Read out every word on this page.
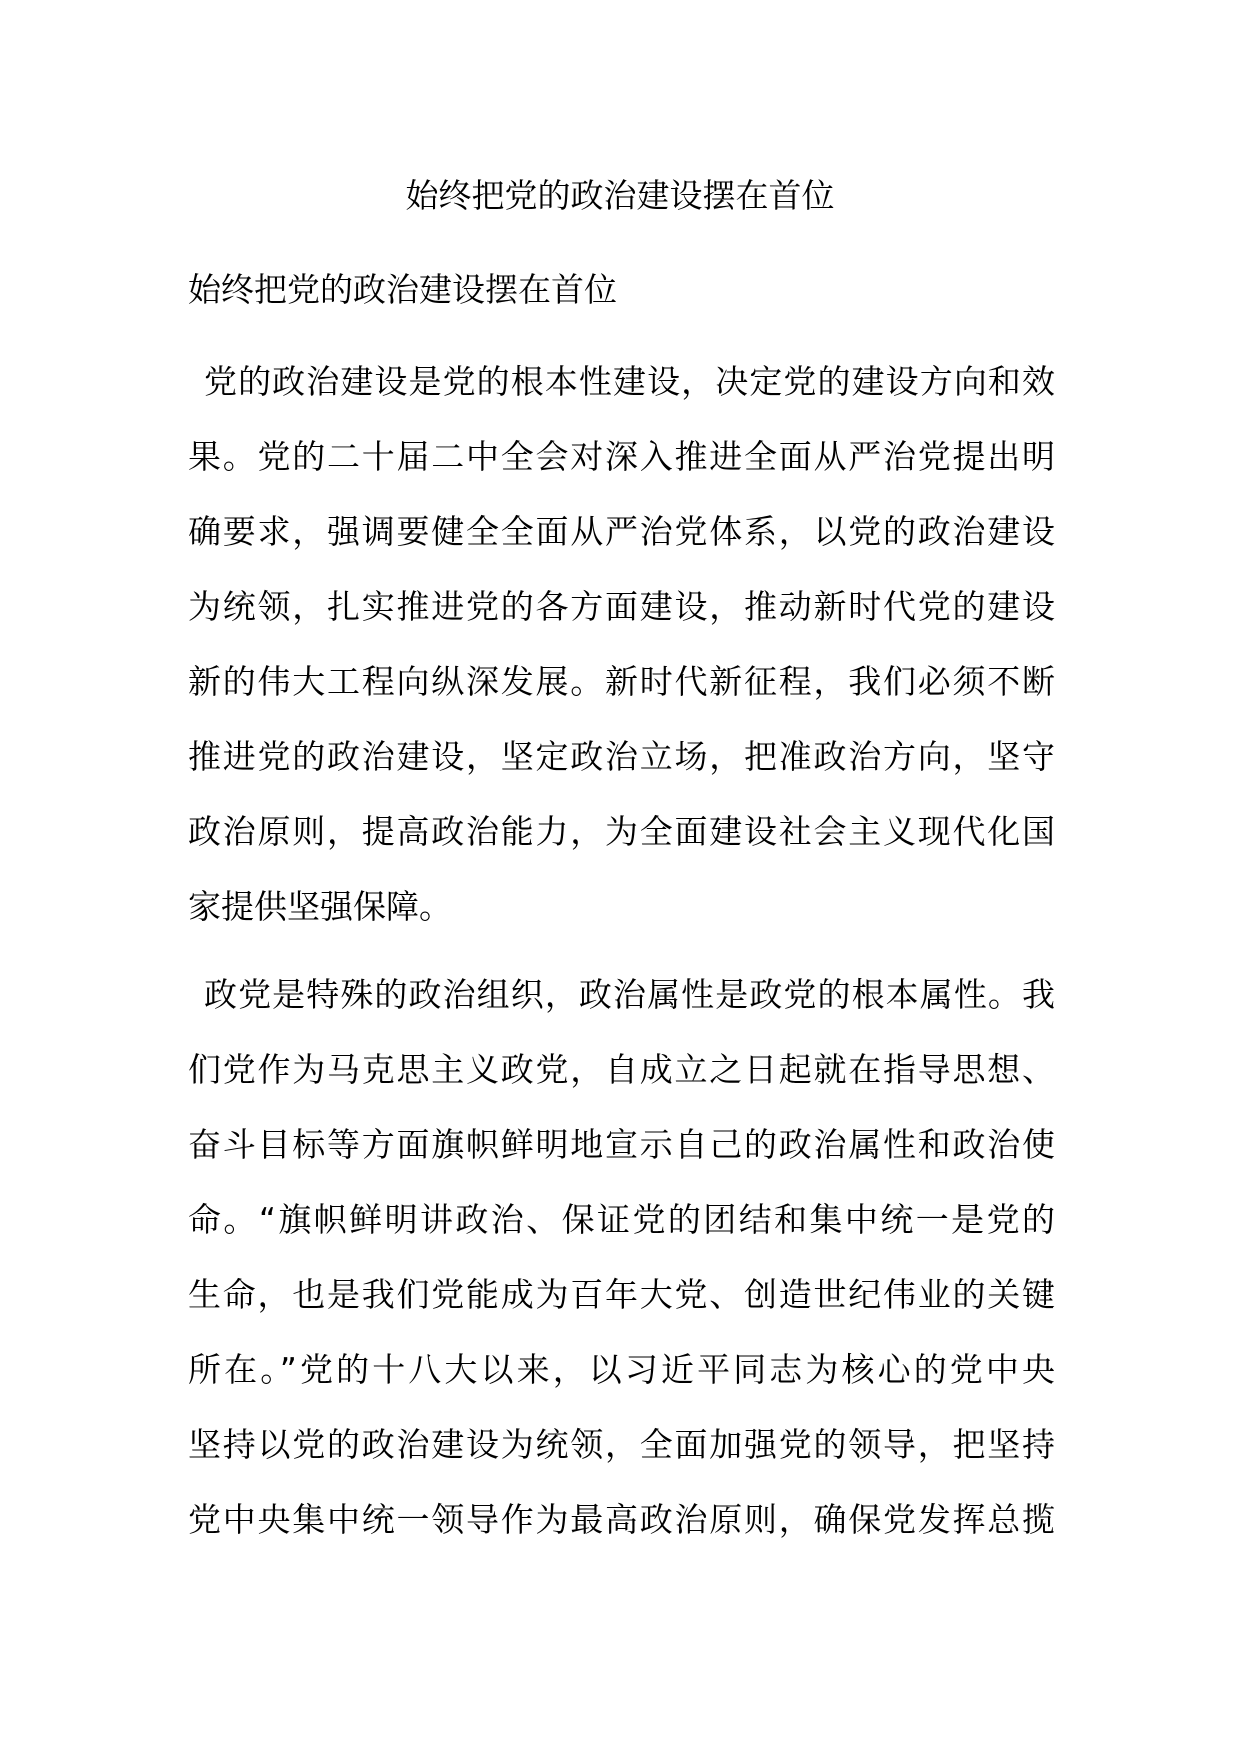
始终把党的政治建设摆在首位
始终把党的政治建设摆在首位

党的政治建设是党的根本性建设，决定党的建设方向和效
果。党的二十届二中全会对深入推进全面从严治党提出明
确要求，强调要健全全面从严治党体系，以党的政治建设
为统领，扎实推进党的各方面建设，推动新时代党的建设
新的伟大工程向纵深发展。新时代新征程，我们必须不断
推进党的政治建设，坚定政治立场，把准政治方向，坚守
政治原则，提高政治能力，为全面建设社会主义现代化国
家提供坚强保障。

政党是特殊的政治组织，政治属性是政党的根本属性。我
们党作为马克思主义政党，自成立之日起就在指导思想、
奋斗目标等方面旗帜鲜明地宣示自己的政治属性和政治使
命。“旗帜鲜明讲政治、保证党的团结和集中统一是党的
生命，也是我们党能成为百年大党、创造世纪伟业的关键
所在。”党的十八大以来，以习近平同志为核心的党中央
坚持以党的政治建设为统领，全面加强党的领导，把坚持
党中央集中统一领导作为最高政治原则，确保党发挥总揽
